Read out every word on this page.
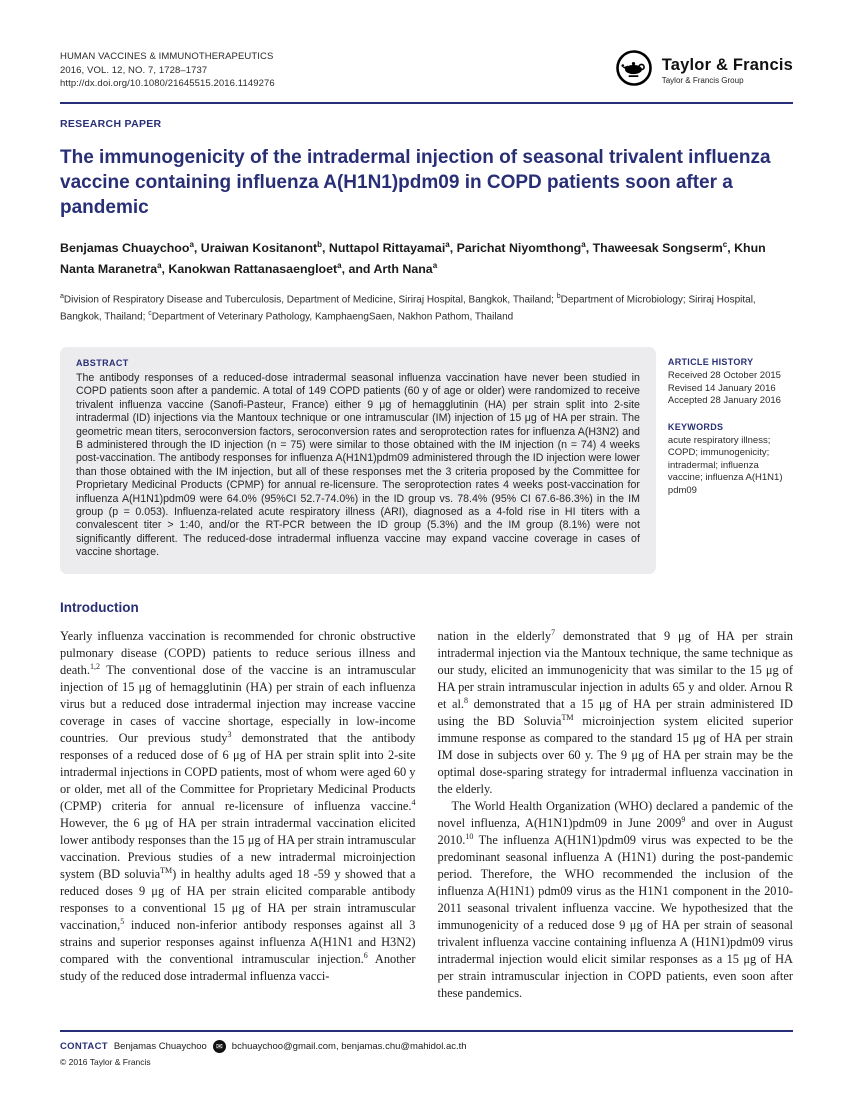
HUMAN VACCINES & IMMUNOTHERAPEUTICS
2016, VOL. 12, NO. 7, 1728–1737
http://dx.doi.org/10.1080/21645515.2016.1149276
Taylor & Francis
Taylor & Francis Group
RESEARCH PAPER
The immunogenicity of the intradermal injection of seasonal trivalent influenza vaccine containing influenza A(H1N1)pdm09 in COPD patients soon after a pandemic
Benjamas Chuaychoo$^a$, Uraiwan Kositanont$^b$, Nuttapol Rittayamai$^a$, Parichat Niyomthong$^a$, Thaweesak Songserm$^c$, Khun Nanta Maranetra$^a$, Kanokwan Rattanasaengloet$^a$, and Arth Nana$^a$
$^a$Division of Respiratory Disease and Tuberculosis, Department of Medicine, Siriraj Hospital, Bangkok, Thailand; $^b$Department of Microbiology; Siriraj Hospital, Bangkok, Thailand; $^c$Department of Veterinary Pathology, KamphaengSaen, Nakhon Pathom, Thailand
ABSTRACT
The antibody responses of a reduced-dose intradermal seasonal influenza vaccination have never been studied in COPD patients soon after a pandemic. A total of 149 COPD patients (60 y of age or older) were randomized to receive trivalent influenza vaccine (Sanofi-Pasteur, France) either 9 μg of hemagglutinin (HA) per strain split into 2-site intradermal (ID) injections via the Mantoux technique or one intramuscular (IM) injection of 15 μg of HA per strain. The geometric mean titers, seroconversion factors, seroconversion rates and seroprotection rates for influenza A(H3N2) and B administered through the ID injection (n = 75) were similar to those obtained with the IM injection (n = 74) 4 weeks post-vaccination. The antibody responses for influenza A(H1N1)pdm09 administered through the ID injection were lower than those obtained with the IM injection, but all of these responses met the 3 criteria proposed by the Committee for Proprietary Medicinal Products (CPMP) for annual re-licensure. The seroprotection rates 4 weeks post-vaccination for influenza A(H1N1)pdm09 were 64.0% (95%CI 52.7-74.0%) in the ID group vs. 78.4% (95% CI 67.6-86.3%) in the IM group (p = 0.053). Influenza-related acute respiratory illness (ARI), diagnosed as a 4-fold rise in HI titers with a convalescent titer > 1:40, and/or the RT-PCR between the ID group (5.3%) and the IM group (8.1%) were not significantly different. The reduced-dose intradermal influenza vaccine may expand vaccine coverage in cases of vaccine shortage.
ARTICLE HISTORY
Received 28 October 2015
Revised 14 January 2016
Accepted 28 January 2016
KEYWORDS
acute respiratory illness; COPD; immunogenicity; intradermal; influenza vaccine; influenza A(H1N1) pdm09
Introduction

Yearly influenza vaccination is recommended for chronic obstructive pulmonary disease (COPD) patients to reduce serious illness and death.$^{1,2}$ The conventional dose of the vaccine is an intramuscular injection of 15 μg of hemagglutinin (HA) per strain of each influenza virus but a reduced dose intradermal injection may increase vaccine coverage in cases of vaccine shortage, especially in low-income countries. Our previous study$^3$ demonstrated that the antibody responses of a reduced dose of 6 μg of HA per strain split into 2-site intradermal injections in COPD patients, most of whom were aged 60 y or older, met all of the Committee for Proprietary Medicinal Products (CPMP) criteria for annual re-licensure of influenza vaccine.$^4$ However, the 6 μg of HA per strain intradermal vaccination elicited lower antibody responses than the 15 μg of HA per strain intramuscular vaccination. Previous studies of a new intradermal microinjection system (BD soluvia™) in healthy adults aged 18 -59 y showed that a reduced doses 9 μg of HA per strain elicited comparable antibody responses to a conventional 15 μg of HA per strain intramuscular vaccination,$^5$ induced non-inferior antibody responses against all 3 strains and superior responses against influenza A(H1N1 and H3N2) compared with the conventional intramuscular injection.$^6$ Another study of the reduced dose intradermal influenza vacci-

nation in the elderly$^7$ demonstrated that 9 μg of HA per strain intradermal injection via the Mantoux technique, the same technique as our study, elicited an immunogenicity that was similar to the 15 μg of HA per strain intramuscular injection in adults 65 y and older. Arnou R et al.$^8$ demonstrated that a 15 μg of HA per strain administered ID using the BD Soluvia™ microinjection system elicited superior immune response as compared to the standard 15 μg of HA per strain IM dose in subjects over 60 y. The 9 μg of HA per strain may be the optimal dose-sparing strategy for intradermal influenza vaccination in the elderly.

The World Health Organization (WHO) declared a pandemic of the novel influenza, A(H1N1)pdm09 in June 2009$^9$ and over in August 2010.10 The influenza A(H1N1)pdm09 virus was expected to be the predominant seasonal influenza A (H1N1) during the post-pandemic period. Therefore, the WHO recommended the inclusion of the influenza A(H1N1) pdm09 virus as the H1N1 component in the 2010-2011 seasonal trivalent influenza vaccine. We hypothesized that the immunogenicity of a reduced dose 9 μg of HA per strain of seasonal trivalent influenza vaccine containing influenza A (H1N1)pdm09 virus intradermal injection would elicit similar responses as a 15 μg of HA per strain intramuscular injection in COPD patients, even soon after these pandemics.

CONTACT Benjamas Chuaychoo	✉ bchuaychoo@gmail.com, benjamas.chu@mahidol.ac.th
© 2016 Taylor & Francis
